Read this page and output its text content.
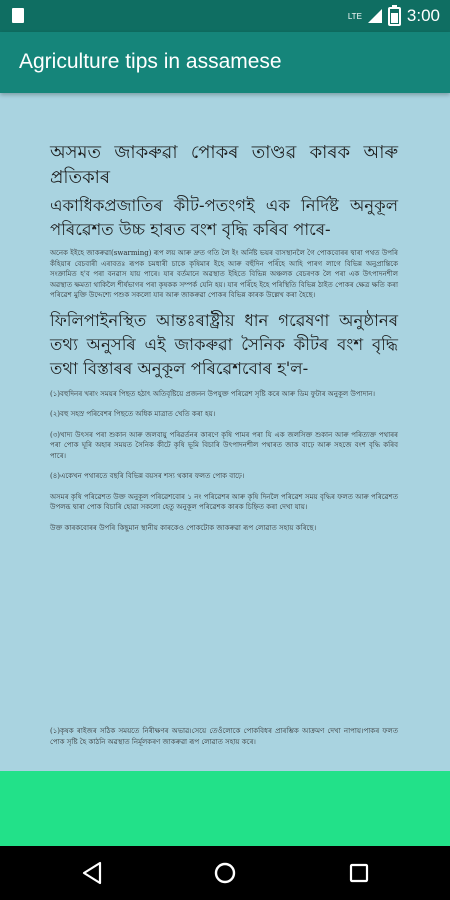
LTE	3:00
Agriculture tips in assamese
অসমত জাকৰুৱা পোকৰ তাণ্ডৱ কাৰক আৰু প্ৰতিকাৰ
একাধিকপ্ৰজাতিৰ কীট-পতংগই এক নিৰ্দিষ্ট অনুকূল পৰিৱেশত উচ্চ হাৰত বংশ বৃদ্ধি কৰিব পাৰে-
অনেক ইইহে জাকৰুৱা(swarming) ৰূপ লয় আৰু দ্ৰুত গতি লৈ ইং অৰ্নিষ্ট ভয়ৰ বাসস্থানলৈ গৈ পোকবোৰৰ দ্বাৰা পথত উপৰি কঁহিয়াৰ বেচবাৰী এৰাবতঃ ৰূপক চমধাৰী চাকে কৃষিমাৰ ইহে আৰু বহুঁদিন পৰিঁহে আহি পাৰগ লাগে বিভিন্ন অনুপ্ৰান্তিকে সংক্ৰামিত হ'ব পৰা বনৱাস যায় পাৰে। যাৰ বৰ্তমানে অৱস্থাত ইহিতে বিভিন্ন অঞ্চলক বেচৰণক লৈ পৰা এক উৎপাদনশীল অৱস্থাত ক্ষমতা থাকিলৈ শীৰ্ষভাগৰ পৰা কৃষকক সম্পৰ্ক যেনি হয়। যাৰ পৰিঁহে ইহে পৰিস্থিতি বিভিন্ন ঠাইত পোকৰ ক্ষেত্ৰ ক্ষতি কৰা পৰিৱেশ মুক্তি উদ্দেশ্যে পশুক সকলো যাৰ আৰু জাকৰুৱা পোকৰ বিভিন্ন কাৰক উল্লেখ কৰা হৈছে।
ফিলিপাইনস্থিত আন্তঃৰাষ্ট্ৰীয় ধান গৱেষণা অনুষ্ঠানৰ তথ্য অনুসৰি এই জাকৰুৱা সৈনিক কীটৰ বংশ বৃদ্ধি তথা বিস্তাৰৰ অনুকূল পৰিৱেশবোৰ হ'ল-
(১)বহুদিনৰ খৰাং সময়ৰ পিছত হঠাৎ অতিবৃষ্টিয়ে প্ৰজনন উপযুক্ত পৰিৱেশ সৃষ্টি কৰে আৰু ডিম ফুটাৰ অনুকূল উপাদান।
(২)বহু সহস্ৰ পৰিবেশৰ পিছতে অধিক মাত্ৰাত খেতি কৰা হয়।
(৩)খাদ্য উৎসৰ পৰা শুকান আৰু জলবায়ু পৰিৱৰ্তনৰ কাৰণে কৃষি পামৰ পৰা যি এক জলসিক্ত শুকান আৰু পৰিত্যক্ত পথাৰৰ পৰা পোক ঘূৰি অহাৰ সময়ত সৈনিক কীটে কৃষি ভূমি বিচাৰি উৎপাদনশীল পথাৰত জাক বাঢ়ে আৰু সহজে বংশ বৃদ্ধি কৰিব পাৰে।
(৪)একেখন পথাৰতে বছৰি বিভিন্ন বয়সৰ শস্য থকাৰ ফলত পোক বাঢ়ে।
অসমৰ কৃষি পৰিৱেশত উক্ত অনুকূল পৰিৱেশবোৰ ১ নং পৰিৱেশৰ আৰু কৃষি দিনলৈ পৰিৱেশ সময় বৃদ্ধিৰ ফলত আৰু পৰিৱেশত উপলব্ধ দ্বাৰা পোক বিচাৰি হোৱা সকলো হেতু অনুকূল পৰিৱেশক কাৰক চিহ্নিত কৰা দেখা যায়।
উক্ত কাৰকবোৰৰ উপৰি কিছুমান স্থানীয় কাৰকেও পোকটোক জাকৰুৱা ৰূপ লোৱাত সহায় কৰিছে।
(১)কৃষক ৰাইজৰ সঠিক সময়তে নিৰীক্ষণৰ অভাৱ।সেয়ে তেওঁলোকে পোকবিধৰ প্ৰাৰম্ভিক আক্ৰমণ দেখা নাপায়।পাকৰ ফলত পোক সৃষ্টি হৈ কাঠনি অৱস্থাত নিৰ্মূলকৰণ জাকৰুৱা ৰূপ লোৱাত সহায় কৰে।
